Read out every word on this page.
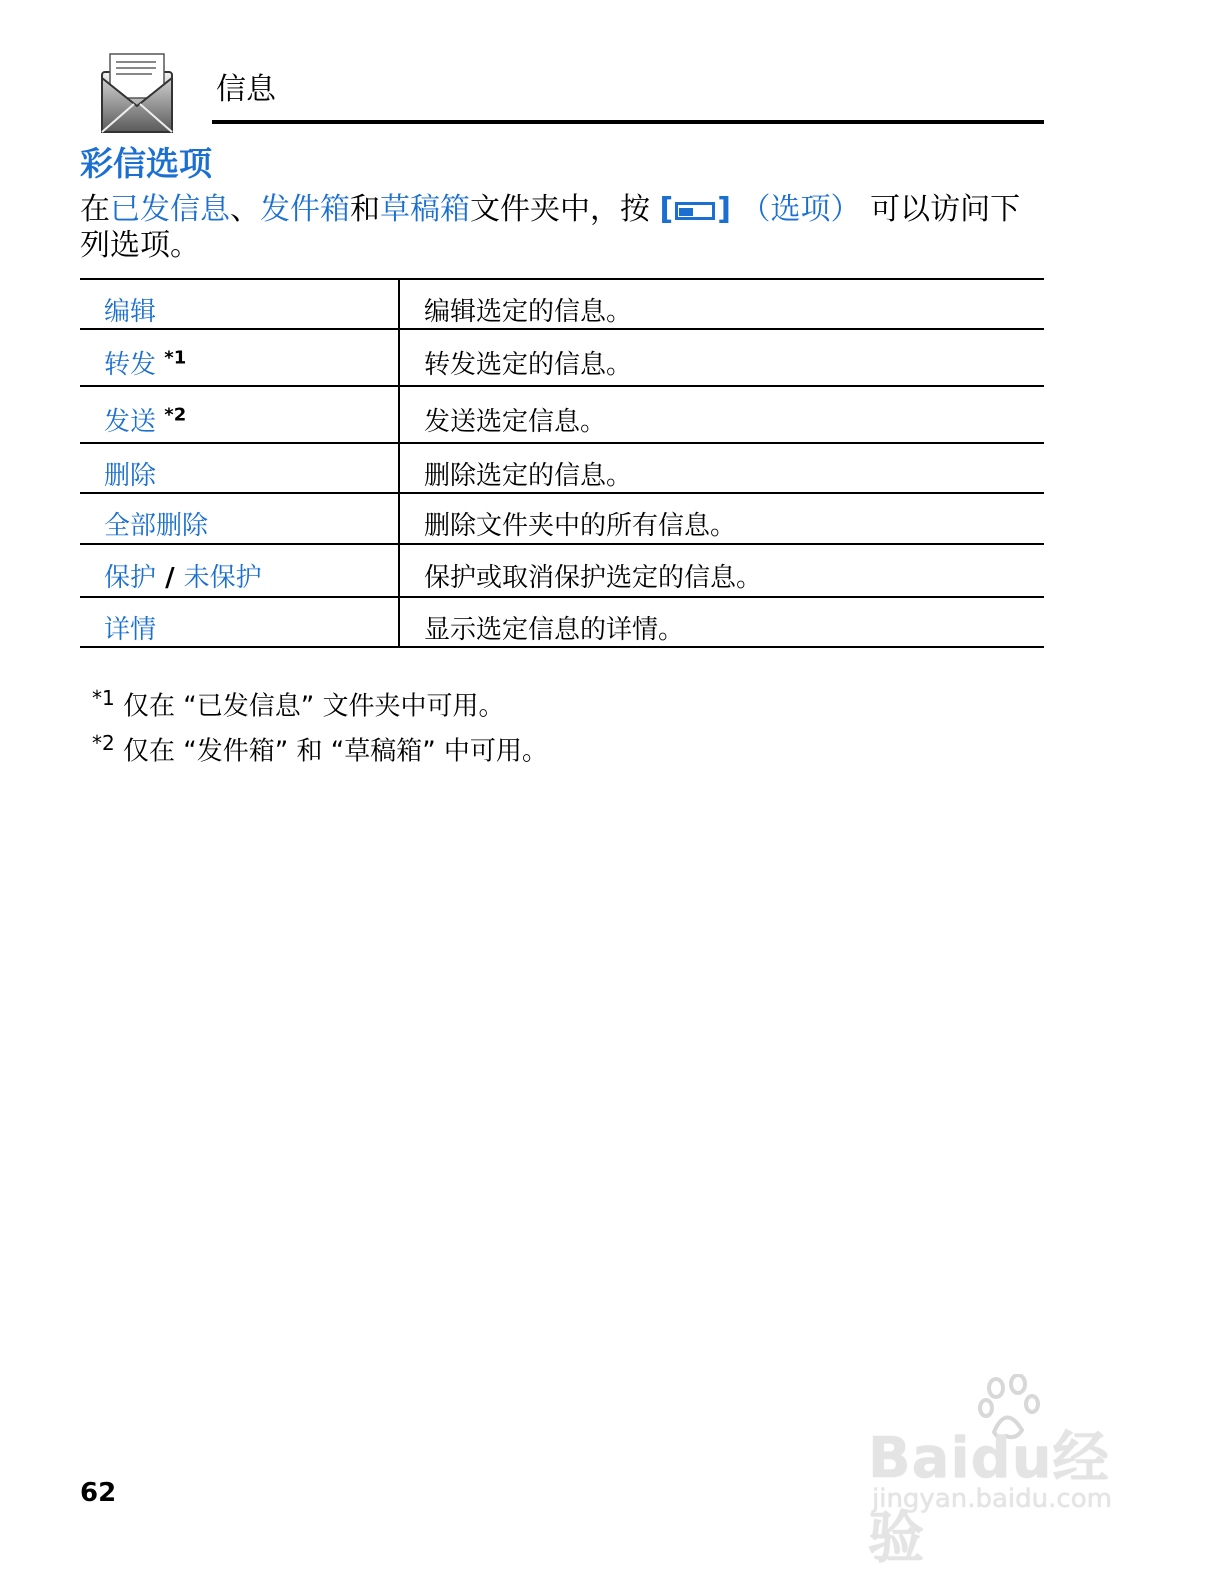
信息
彩信选项
在已发信息、发件箱和草稿箱文件夹中，按 [ ] （选项） 可以访问下列选项。
编辑	编辑选定的信息。
转发 $^{*1}$	转发选定的信息。
发送 $^{*2}$	发送选定信息。
删除	删除选定的信息。
全部删除	删除文件夹中的所有信息。
保护 / 未保护	保护或取消保护选定的信息。
详情	显示选定信息的详情。
$^{*1}$ 仅在 “已发信息” 文件夹中可用。
$^{*2}$ 仅在 “发件箱” 和 “草稿箱” 中可用。
62
Baidu经验
jingyan.baidu.com
